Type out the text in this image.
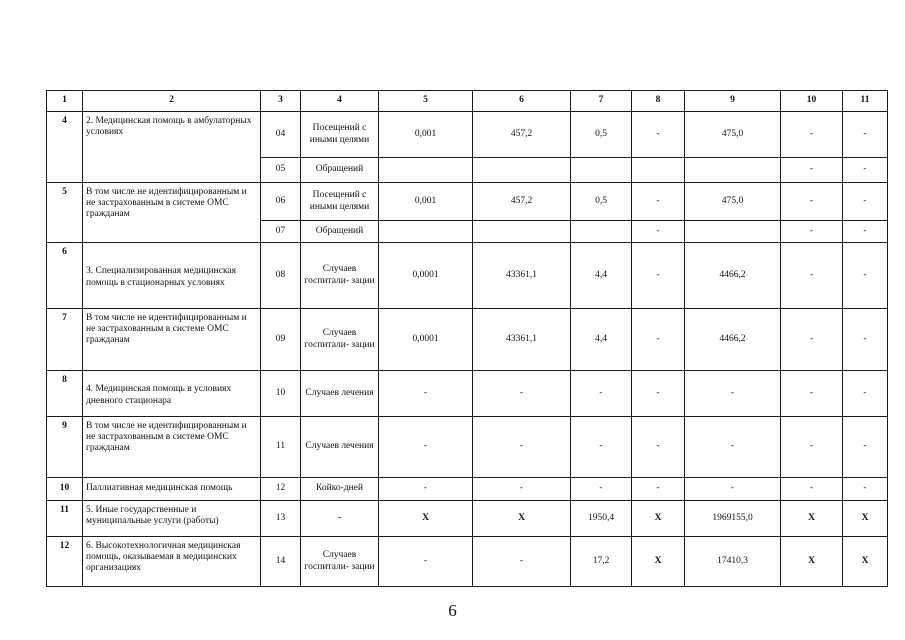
1	2	3	4	5	6	7	8	9	10	11
4	2. Медицинская помощь в амбулаторных условиях	04	Посещений с иными целями	0,001	457,2	0,5	-	475,0	-	-
		05	Обращений						-	-
5	В том числе не идентифицированным и не застрахованным в системе ОМС гражданам	06	Посещений с иными целями	0,001	457,2	0,5	-	475,0	-	-
		07	Обращений				-		-	-
6	3. Специализированная медицинская помощь в стационарных условиях	08	Случаев госпитали- зации	0,0001	43361,1	4,4	-	4466,2	-	-
7	В том числе не идентифицированным и не застрахованным в системе ОМС гражданам	09	Случаев госпитали- зации	0,0001	43361,1	4,4	-	4466,2	-	-
8	4. Медицинская помощь в условиях дневного стационара	10	Случаев лечения	-	-	-	-	-	-	-
9	В том числе не идентифицированным и не застрахованным в системе ОМС гражданам	11	Случаев лечения	-	-	-	-	-	-	-
10	Паллиативная медицинская помощь	12	Койко-дней	-	-	-	-	-	-	-
11	5. Иные государственные и муниципальные услуги (работы)	13	-	X	X	1950,4	X	1969155,0	X	X
12	6. Высокотехнологичная медицинская помощь, оказываемая в медицинских организациях	14	Случаев госпитали- зации	-	-	17,2	X	17410,3	X	X
6
